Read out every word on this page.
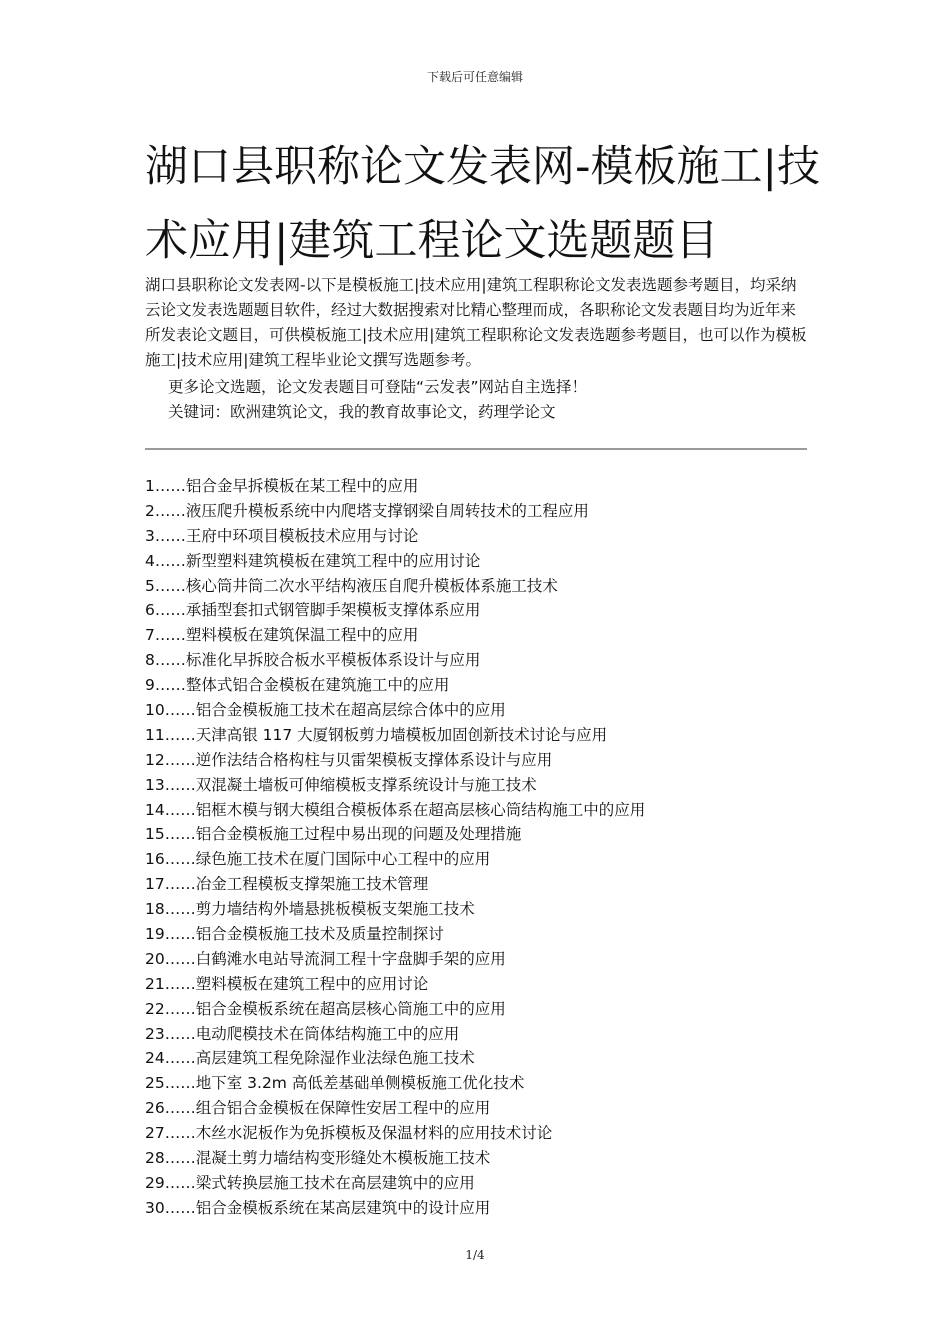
下载后可任意编辑
湖口县职称论文发表网-模板施工|技术应用|建筑工程论文选题题目

湖口县职称论文发表网-以下是模板施工|技术应用|建筑工程职称论文发表选题参考题目，均采纳云论文发表选题题目软件，经过大数据搜索对比精心整理而成，各职称论文发表题目均为近年来所发表论文题目，可供模板施工|技术应用|建筑工程职称论文发表选题参考题目，也可以作为模板施工|技术应用|建筑工程毕业论文撰写选题参考。

更多论文选题，论文发表题目可登陆“云发表”网站自主选择！
关键词：欧洲建筑论文，我的教育故事论文，药理学论文
1……铝合金早拆模板在某工程中的应用
2……液压爬升模板系统中内爬塔支撑钢梁自周转技术的工程应用
3……王府中环项目模板技术应用与讨论
4……新型塑料建筑模板在建筑工程中的应用讨论
5……核心筒井筒二次水平结构液压自爬升模板体系施工技术
6……承插型套扣式钢管脚手架模板支撑体系应用
7……塑料模板在建筑保温工程中的应用
8……标准化早拆胶合板水平模板体系设计与应用
9……整体式铝合金模板在建筑施工中的应用
10……铝合金模板施工技术在超高层综合体中的应用
11……天津高银 117 大厦钢板剪力墙模板加固创新技术讨论与应用
12……逆作法结合格构柱与贝雷架模板支撑体系设计与应用
13……双混凝土墙板可伸缩模板支撑系统设计与施工技术
14……铝框木模与钢大模组合模板体系在超高层核心筒结构施工中的应用
15……铝合金模板施工过程中易出现的问题及处理措施
16……绿色施工技术在厦门国际中心工程中的应用
17……冶金工程模板支撑架施工技术管理
18……剪力墙结构外墙悬挑板模板支架施工技术
19……铝合金模板施工技术及质量控制探讨
20……白鹤滩水电站导流洞工程十字盘脚手架的应用
21……塑料模板在建筑工程中的应用讨论
22……铝合金模板系统在超高层核心筒施工中的应用
23……电动爬模技术在筒体结构施工中的应用
24……高层建筑工程免除湿作业法绿色施工技术
25……地下室 3.2m 高低差基础单侧模板施工优化技术
26……组合铝合金模板在保障性安居工程中的应用
27……木丝水泥板作为免拆模板及保温材料的应用技术讨论
28……混凝土剪力墙结构变形缝处木模板施工技术
29……梁式转换层施工技术在高层建筑中的应用
30……铝合金模板系统在某高层建筑中的设计应用
1/4
